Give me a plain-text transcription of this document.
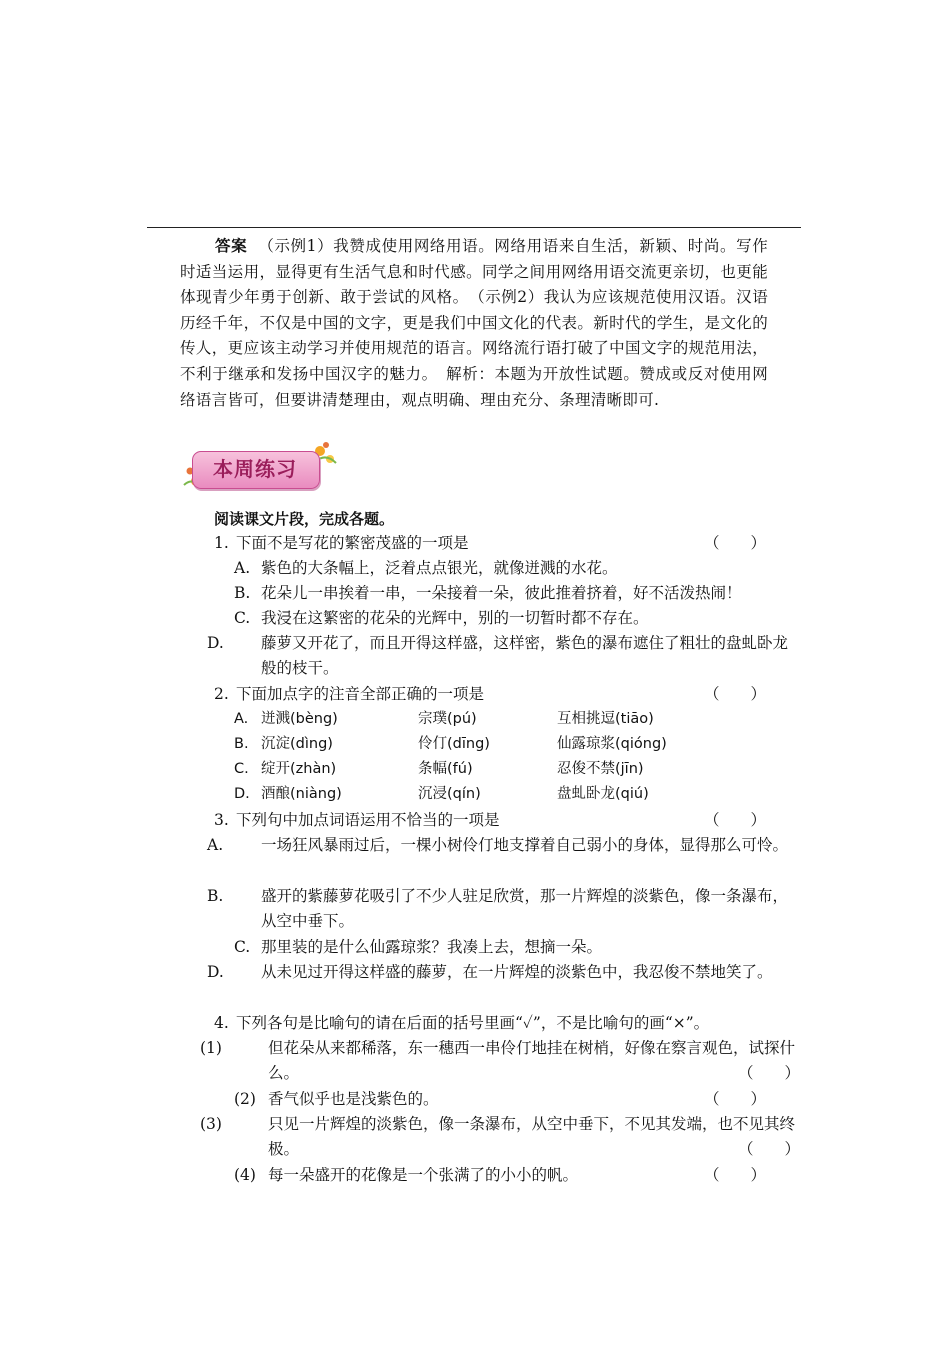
答案 （示例1）我赞成使用网络用语。网络用语来自生活，新颖、时尚。写作时适当运用，显得更有生活气息和时代感。同学之间用网络用语交流更亲切，也更能体现青少年勇于创新、敢于尝试的风格。　（示例2）我认为应该规范使用汉语。汉语历经千年，不仅是中国的文字，更是我们中国文化的代表。新时代的学生，是文化的传人，更应该主动学习并使用规范的语言。网络流行语打破了中国文字的规范用法，不利于继承和发扬中国汉字的魅力。　解析：本题为开放性试题。赞成或反对使用网络语言皆可，但要讲清楚理由，观点明确、理由充分、条理清晰即可.
本周练习
阅读课文片段，完成各题。
1. 下面不是写花的繁密茂盛的一项是	（　　）
A. 紫色的大条幅上，泛着点点银光，就像迸溅的水花。
B. 花朵儿一串挨着一串，一朵接着一朵，彼此推着挤着，好不活泼热闹！
C. 我浸在这繁密的花朵的光辉中，别的一切暂时都不存在。
D. 藤萝又开花了，而且开得这样盛，这样密，紫色的瀑布遮住了粗壮的盘虬卧龙般的枝干。
2. 下面加点字的注音全部正确的一项是	（　　）
A. 迸溅(bèng)	宗璞(pú)	互相挑逗(tiāo)
B. 沉淀(dìng)	伶仃(dīng)	仙露琼浆(qióng)
C. 绽开(zhàn)	条幅(fú)	忍俊不禁(jīn)
D. 酒酿(niàng)	沉浸(qín)	盘虬卧龙(qiú)
3. 下列句中加点词语运用不恰当的一项是	（　　）
A. 一场狂风暴雨过后，一棵小树伶仃地支撑着自己弱小的身体，显得那么可怜。
B. 盛开的紫藤萝花吸引了不少人驻足欣赏，那一片辉煌的淡紫色，像一条瀑布，从空中垂下。
C. 那里装的是什么仙露琼浆？我凑上去，想摘一朵。
D. 从未见过开得这样盛的藤萝，在一片辉煌的淡紫色中，我忍俊不禁地笑了。
4. 下列各句是比喻句的请在后面的括号里画“✓”，不是比喻句的画“×”。
(1)	但花朵从来都稀落，东一穗西一串伶仃地挂在树梢，好像在察言观色，试探什么。	（　　）
(2) 香气似乎也是浅紫色的。	（　　）
(3)	只见一片辉煌的淡紫色，像一条瀑布，从空中垂下，不见其发端，也不见其终极。	（　　）
(4) 每一朵盛开的花像是一个张满了的小小的帆。	（　　）
